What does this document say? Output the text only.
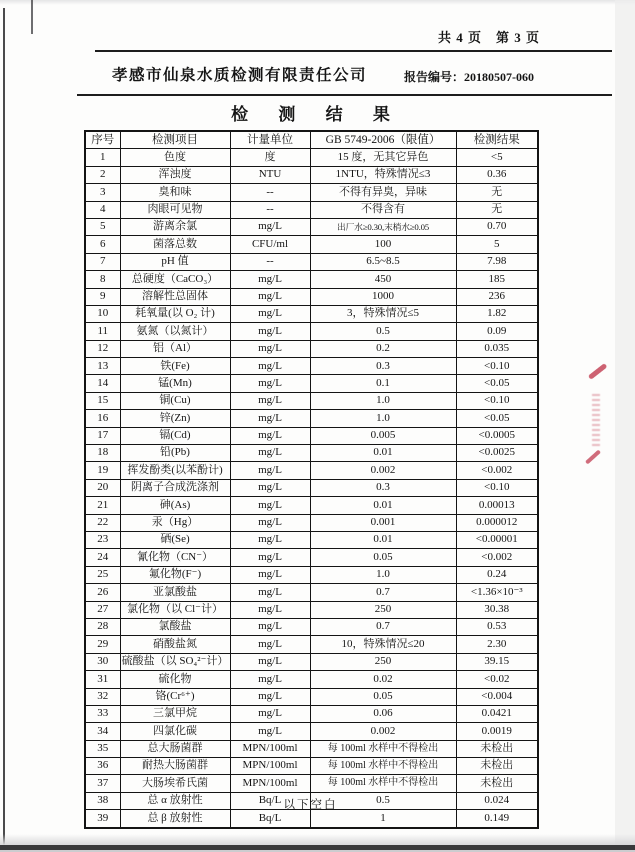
共 4 页　第 3 页
孝感市仙泉水质检测有限责任公司	报告编号：20180507-060
检 测 结 果
序号	检测项目	计量单位	GB 5749-2006（限值）	检测结果
1	色度	度	15 度，无其它异色	<5
2	浑浊度	NTU	1NTU，特殊情况≤3	0.36
3	臭和味	--	不得有异臭，异味	无
4	肉眼可见物	--	不得含有	无
5	游离余氯	mg/L	出厂水≥0.30,末梢水≥0.05	0.70
6	菌落总数	CFU/ml	100	5
7	pH 值	--	6.5~8.5	7.98
8	总硬度（CaCO₃）	mg/L	450	185
9	溶解性总固体	mg/L	1000	236
10	耗氧量(以 O₂ 计)	mg/L	3，特殊情况≤5	1.82
11	氨氮（以氮计）	mg/L	0.5	0.09
12	铝（Al）	mg/L	0.2	0.035
13	铁(Fe)	mg/L	0.3	<0.10
14	锰(Mn)	mg/L	0.1	<0.05
15	铜(Cu)	mg/L	1.0	<0.10
16	锌(Zn)	mg/L	1.0	<0.05
17	镉(Cd)	mg/L	0.005	<0.0005
18	铅(Pb)	mg/L	0.01	<0.0025
19	挥发酚类(以苯酚计)	mg/L	0.002	<0.002
20	阴离子合成洗涤剂	mg/L	0.3	<0.10
21	砷(As)	mg/L	0.01	0.00013
22	汞（Hg）	mg/L	0.001	0.000012
23	硒(Se)	mg/L	0.01	<0.00001
24	氰化物（CN⁻）	mg/L	0.05	<0.002
25	氟化物(F⁻)	mg/L	1.0	0.24
26	亚氯酸盐	mg/L	0.7	<1.36×10⁻³
27	氯化物（以 Cl⁻计）	mg/L	250	30.38
28	氯酸盐	mg/L	0.7	0.53
29	硝酸盐氮	mg/L	10，特殊情况≤20	2.30
30	硫酸盐（以 SO₄²⁻计）	mg/L	250	39.15
31	硫化物	mg/L	0.02	<0.02
32	铬(Cr⁶⁺)	mg/L	0.05	<0.004
33	三氯甲烷	mg/L	0.06	0.0421
34	四氯化碳	mg/L	0.002	0.0019
35	总大肠菌群	MPN/100ml	每 100ml 水样中不得检出	未检出
36	耐热大肠菌群	MPN/100ml	每 100ml 水样中不得检出	未检出
37	大肠埃希氏菌	MPN/100ml	每 100ml 水样中不得检出	未检出
38	总 α 放射性	Bq/L	0.5	0.024
39	总 β 放射性	Bq/L	1	0.149
以下空白
